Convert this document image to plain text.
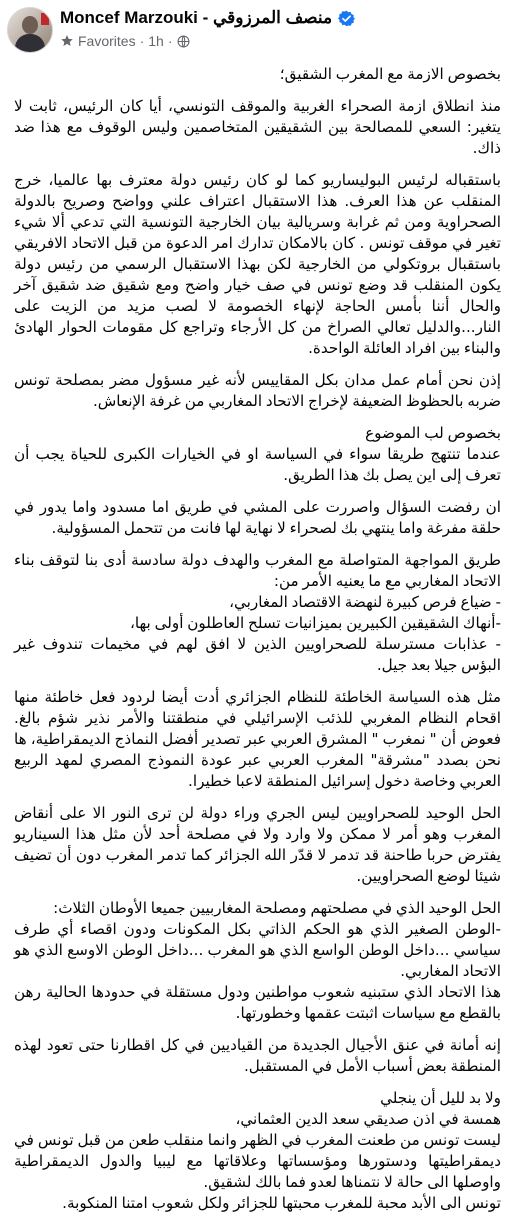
Moncef Marzouki - منصف المرزوقي
Favorites · 1h ·

بخصوص الازمة مع المغرب الشقيق؛

منذ انطلاق ازمة الصحراء الغربية والموقف التونسي، أيا كان الرئيس، ثابت لا يتغير: السعي للمصالحة بين الشقيقين المتخاصمين وليس الوقوف مع هذا ضد ذاك.

باستقباله لرئيس البوليساريو كما لو كان رئيس دولة معترف بها عالميا، خرج المنقلب عن هذا العرف. هذا الاستقبال اعتراف علني وواضح وصريح بالدولة الصحراوية ومن ثم غرابة وسريالية بيان الخارجية التونسية التي تدعي ألا شيء تغير في موقف تونس . كان بالامكان تدارك امر الدعوة من قبل الاتحاد الافريقي باستقبال بروتكولي من الخارجية لكن بهذا الاستقبال الرسمي من رئيس دولة يكون المنقلب قد وضع تونس في صف خيار واضح ومع شقيق ضد شقيق آخر والحال أننا بأمس الحاجة لإنهاء الخصومة لا لصب مزيد من الزيت على النار...والدليل تعالي الصراخ من كل الأرجاء وتراجع كل مقومات الحوار الهادئ والبناء بين افراد العائلة الواحدة.

إذن نحن أمام عمل مدان بكل المقاييس لأنه غير مسؤول مضر بمصلحة تونس ضربه بالحظوظ الضعيفة لإخراج الاتحاد المغاربي من غرفة الإنعاش.

بخصوص لب الموضوع
عندما تنتهج طريقا سواء في السياسة او في الخيارات الكبرى للحياة يجب أن تعرف إلى اين يصل بك هذا الطريق.

ان رفضت السؤال واصررت على المشي في طريق اما مسدود واما يدور في حلقة مفرغة واما ينتهي بك لصحراء لا نهاية لها فانت من تتحمل المسؤولية.

طريق المواجهة المتواصلة مع المغرب والهدف دولة سادسة أدى بنا لتوقف بناء الاتحاد المغاربي مع ما يعنيه الأمر من:
- ضياع فرص كبيرة لنهضة الاقتصاد المغاربي،
-أنهاك الشقيقين الكبيرين بميزانيات تسلح العاطلون أولى بها،
- عذابات مسترسلة للصحراويين الذين لا افق لهم في مخيمات تندوف غير البؤس جيلا بعد جيل.

مثل هذه السياسة الخاطئة للنظام الجزائري أدت أيضا لردود فعل خاطئة منها اقحام النظام المغربي للذئب الإسرائيلي في منطقتنا والأمر نذير شؤم بالغ. فعوض أن " نمغرب " المشرق العربي عبر تصدير أفضل النماذج الديمقراطية، ها نحن بصدد "مشرقة" المغرب العربي عبر عودة النموذج المصري لمهد الربيع العربي وخاصة دخول إسرائيل المنطقة لاعبا خطيرا.

الحل الوحيد للصحراويين ليس الجري وراء دولة لن ترى النور الا على أنقاض المغرب وهو أمر لا ممكن ولا وارد ولا في مصلحة أحد لأن مثل هذا السيناريو يفترض حربا طاحنة قد تدمر لا قدّر الله الجزائر كما تدمر المغرب دون أن تضيف شيئا لوضع الصحراويين.

الحل الوحيد الذي في مصلحتهم ومصلحة المغاربيين جميعا الأوطان الثلاث:
-الوطن الصغير الذي هو الحكم الذاتي بكل المكونات ودون اقصاء أي طرف سياسي ...داخل الوطن الواسع الذي هو المغرب ...داخل الوطن الاوسع الذي هو الاتحاد المغاربي.
هذا الاتحاد الذي ستبنيه شعوب مواطنين ودول مستقلة في حدودها الحالية رهن بالقطع مع سياسات اثبتت عقمها وخطورتها.

إنه أمانة في عنق الأجيال الجديدة من القياديين في كل اقطارنا حتى تعود لهذه المنطقة بعض أسباب الأمل في المستقبل.

ولا بد لليل أن ينجلي
همسة في اذن صديقي سعد الدين العثماني،
ليست تونس من طعنت المغرب في الظهر وانما منقلب طعن من قبل تونس في ديمقراطيتها ودستورها ومؤسساتها وعلاقاتها مع ليبيا والدول الديمقراطية واوصلها الى حالة لا نتمناها لعدو فما بالك لشقيق.
تونس الى الأبد محبة للمغرب محبتها للجزائر ولكل شعوب امتنا المنكوبة.
